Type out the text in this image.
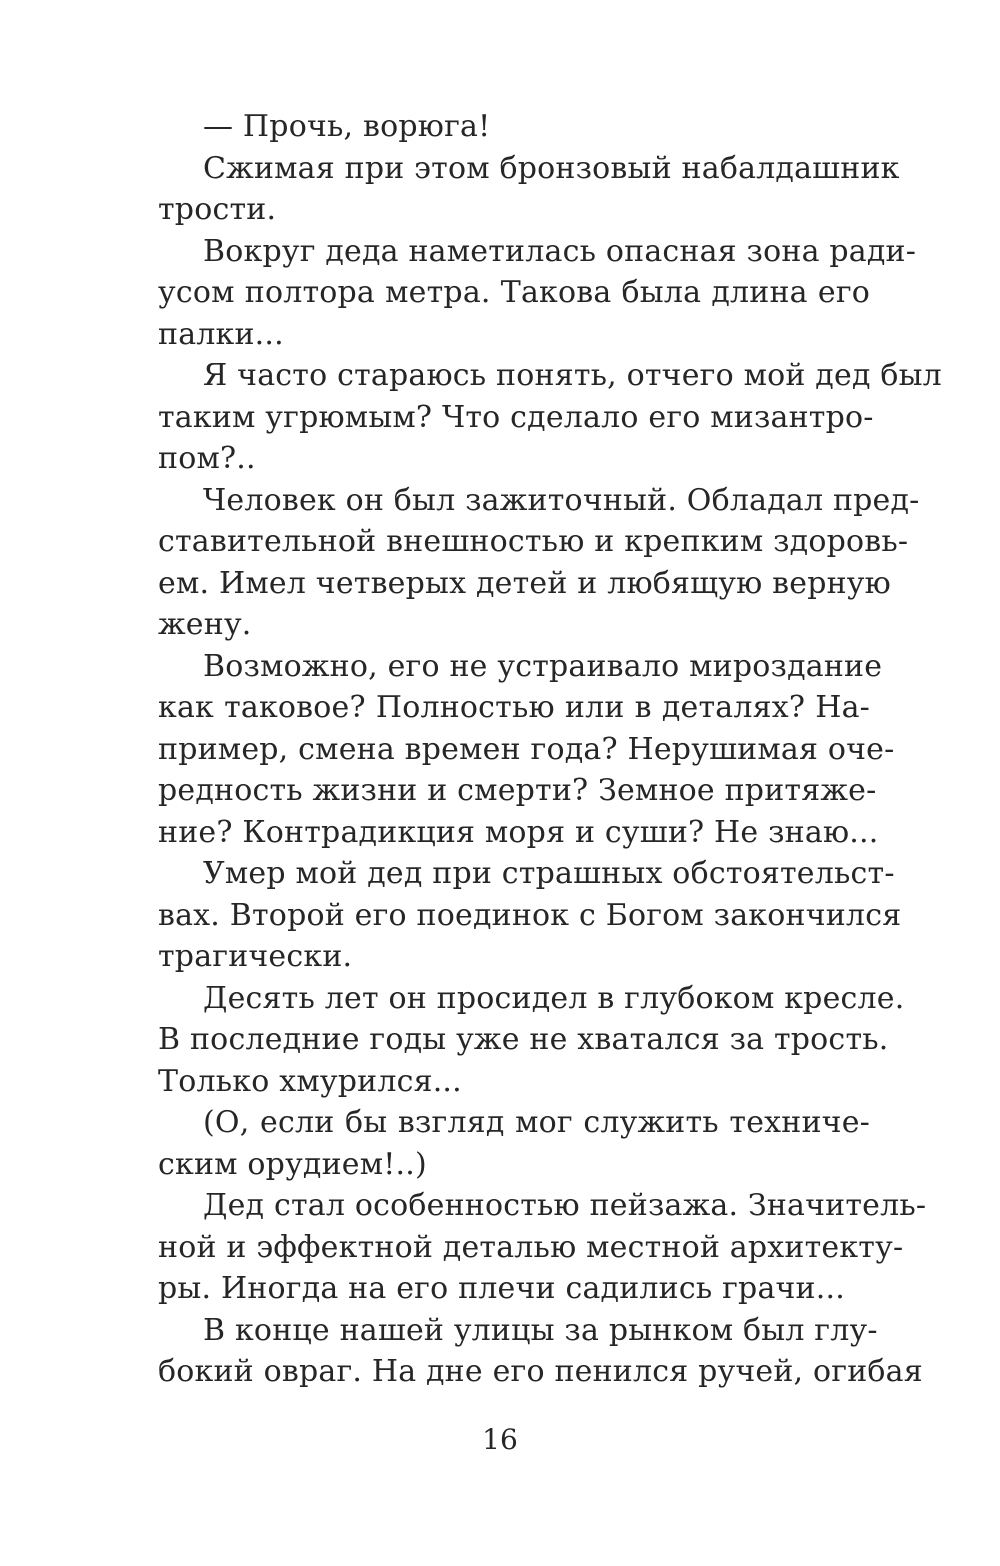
— Прочь, ворюга!
Сжимая при этом бронзовый набалдашник
трости.
Вокруг деда наметилась опасная зона ради-
усом полтора метра. Такова была длина его
палки...
Я часто стараюсь понять, отчего мой дед был
таким угрюмым? Что сделало его мизантро-
пом?..
Человек он был зажиточный. Обладал пред-
ставительной внешностью и крепким здоровь-
ем. Имел четверых детей и любящую верную
жену.
Возможно, его не устраивало мироздание
как таковое? Полностью или в деталях? На-
пример, смена времен года? Нерушимая оче-
редность жизни и смерти? Земное притяже-
ние? Контрадикция моря и суши? Не знаю...
Умер мой дед при страшных обстоятельст-
вах. Второй его поединок с Богом закончился
трагически.
Десять лет он просидел в глубоком кресле.
В последние годы уже не хватался за трость.
Только хмурился...
(О, если бы взгляд мог служить техниче-
ским орудием!..)
Дед стал особенностью пейзажа. Значитель-
ной и эффектной деталью местной архитекту-
ры. Иногда на его плечи садились грачи...
В конце нашей улицы за рынком был глу-
бокий овраг. На дне его пенился ручей, огибая
16
